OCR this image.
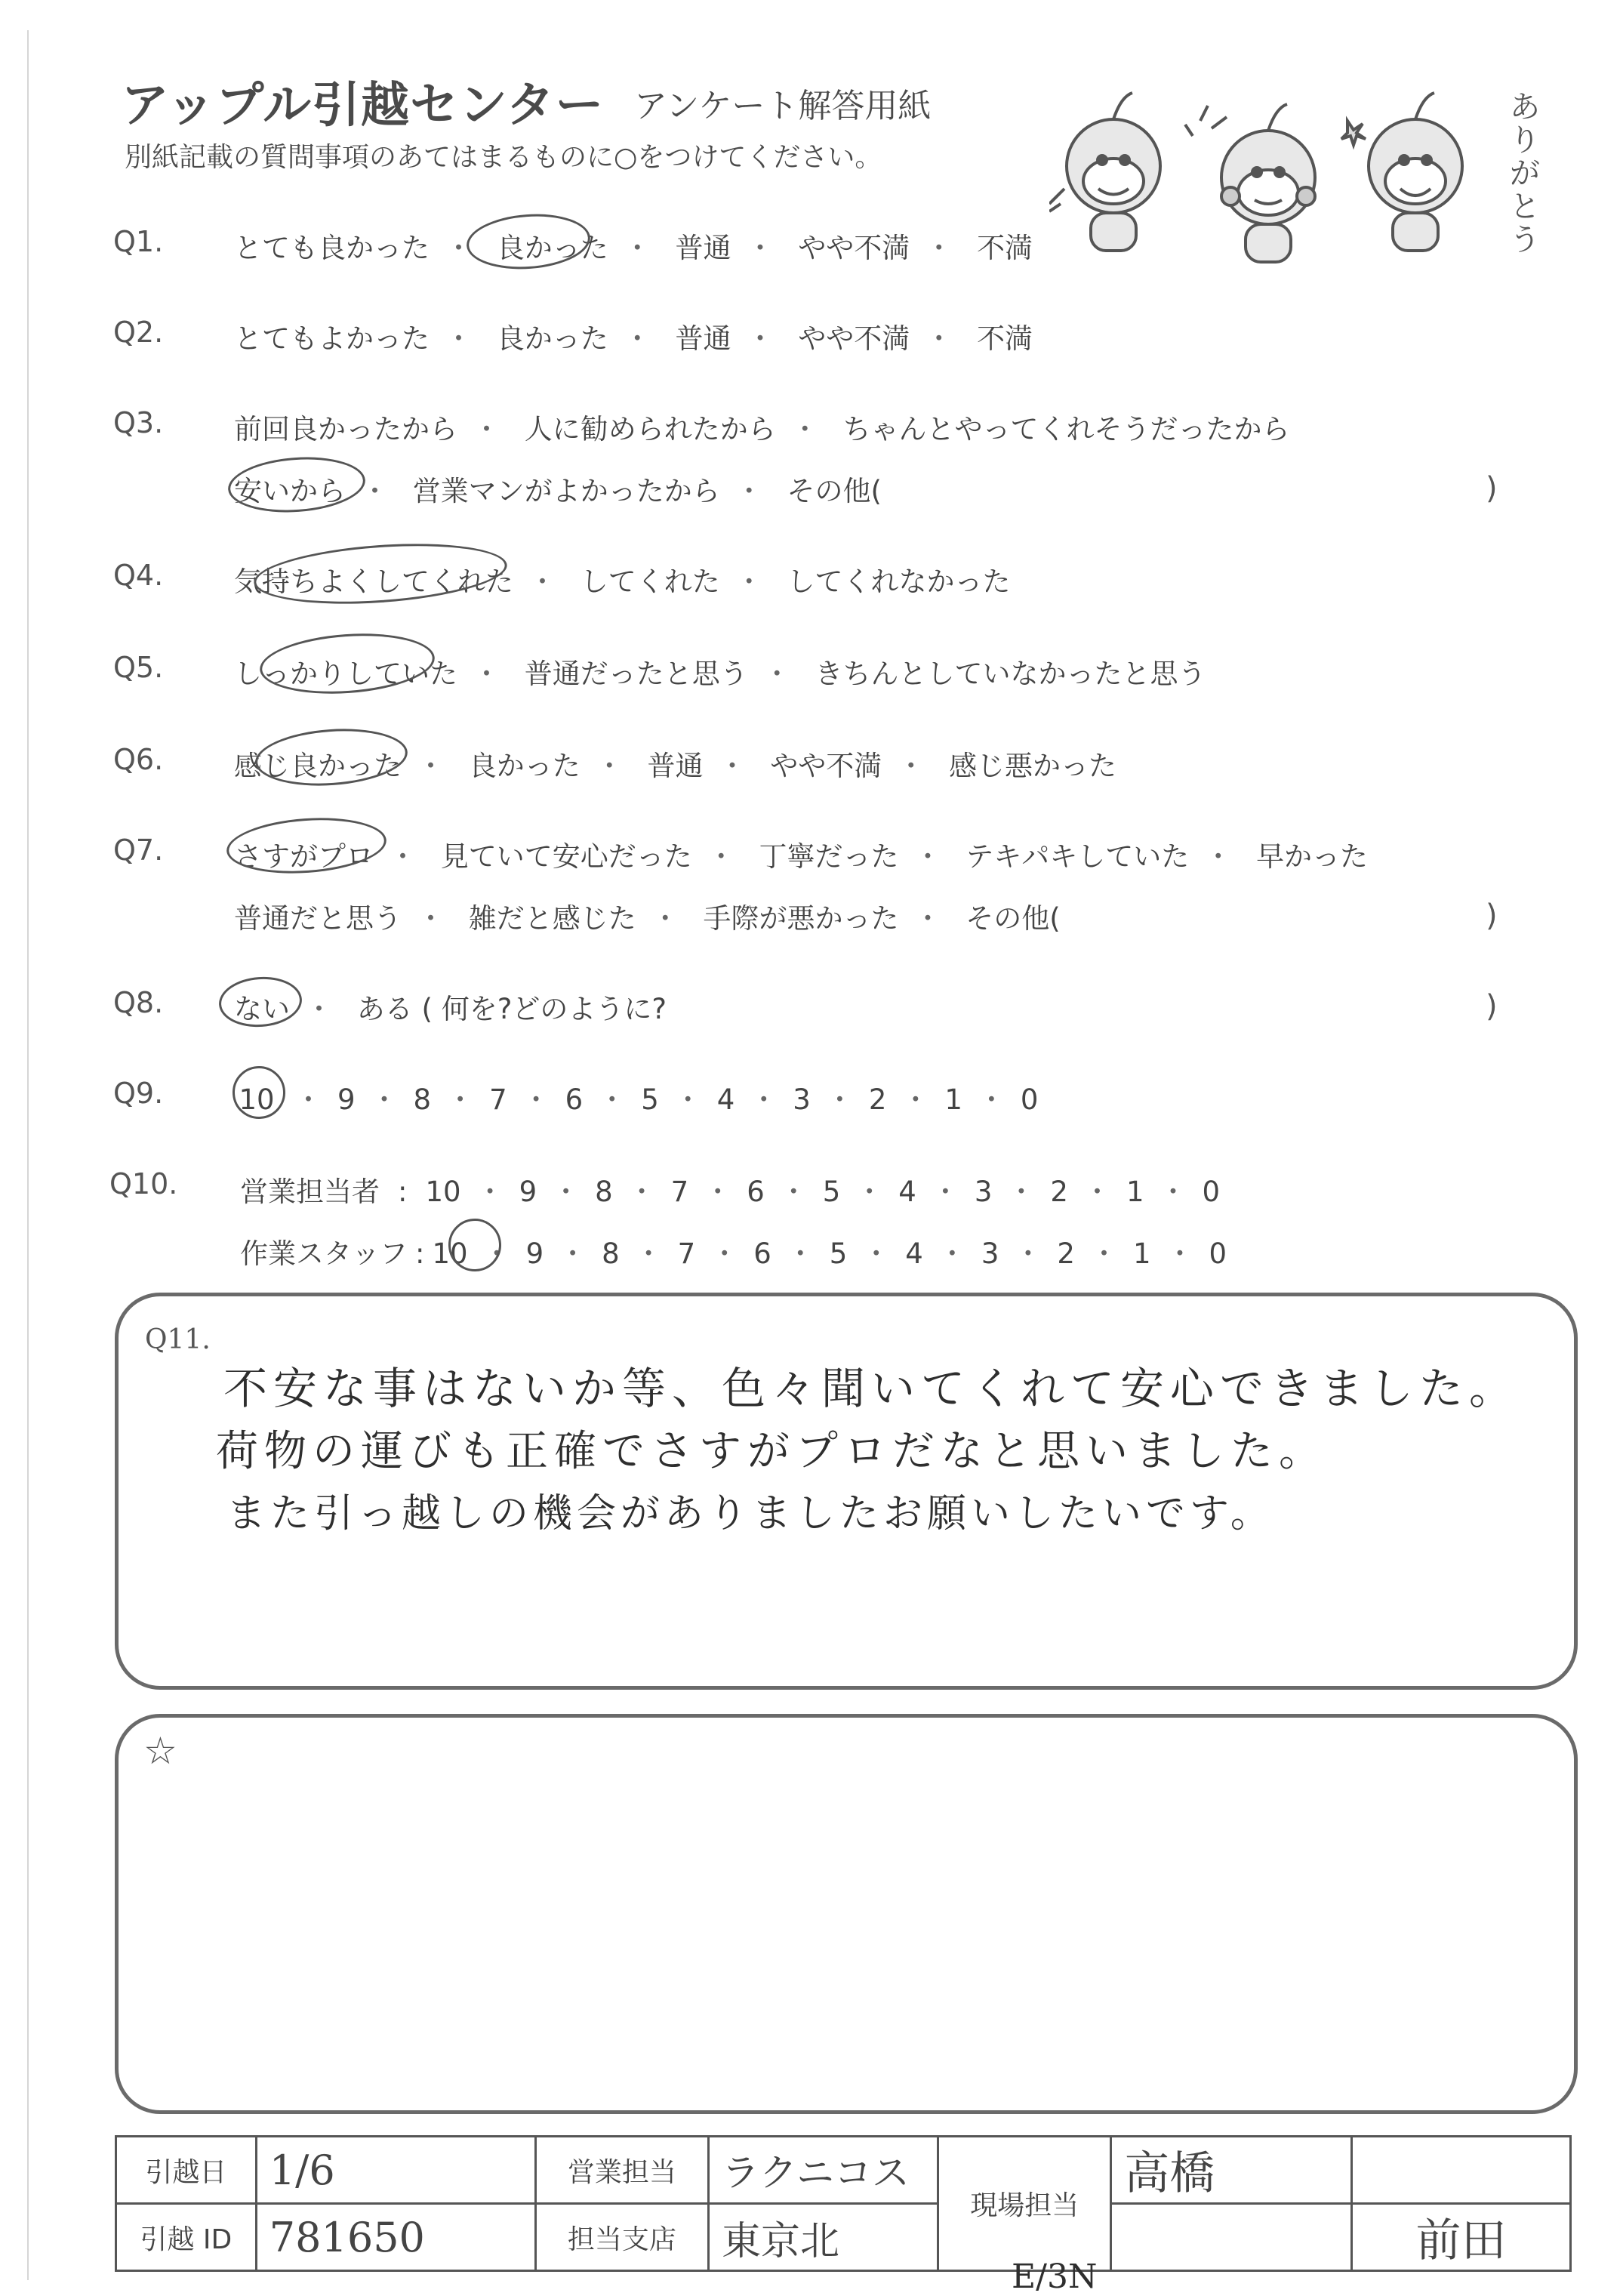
アップル引越センター アンケート解答用紙
別紙記載の質問事項のあてはまるものに○をつけてください。
ありがとう
Q1.	とても良かった ・ 良かった ・ 普通 ・ やや不満 ・ 不満
Q2.	とてもよかった ・ 良かった ・ 普通 ・ やや不満 ・ 不満
Q3.	前回良かったから ・ 人に勧められたから ・ ちゃんとやってくれそうだったから
安いから ・ 営業マンがよかったから ・ その他(	)
Q4.	気持ちよくしてくれた ・ してくれた ・ してくれなかった
Q5.	しっかりしていた ・ 普通だったと思う ・ きちんとしていなかったと思う
Q6.	感じ良かった ・ 良かった ・ 普通 ・ やや不満 ・ 感じ悪かった
Q7.	さすがプロ ・ 見ていて安心だった ・ 丁寧だった ・ テキパキしていた ・ 早かった
普通だと思う ・ 雑だと感じた ・ 手際が悪かった ・ その他(	)
Q8.	ない ・ ある ( 何を?どのように?	)
Q9.	10 ・ 9 ・ 8 ・ 7 ・ 6 ・ 5 ・ 4 ・ 3 ・ 2 ・ 1 ・ 0
Q10. 営業担当者 : 10 ・ 9 ・ 8 ・ 7 ・ 6 ・ 5 ・ 4 ・ 3 ・ 2 ・ 1 ・ 0
作業スタッフ : 10 ・ 9 ・ 8 ・ 7 ・ 6 ・ 5 ・ 4 ・ 3 ・ 2 ・ 1 ・ 0
Q11.
不安な事はないか等、色々聞いてくれて安心できました。
荷物の運びも正確でさすがプロだなと思いました。
また引っ越しの機会がありましたお願いしたいです。
☆
引越日	1/6	営業担当	ラクニコス	現場担当	高橋	
引越 ID	781650	担当支店	東京北			前田
E/3N
